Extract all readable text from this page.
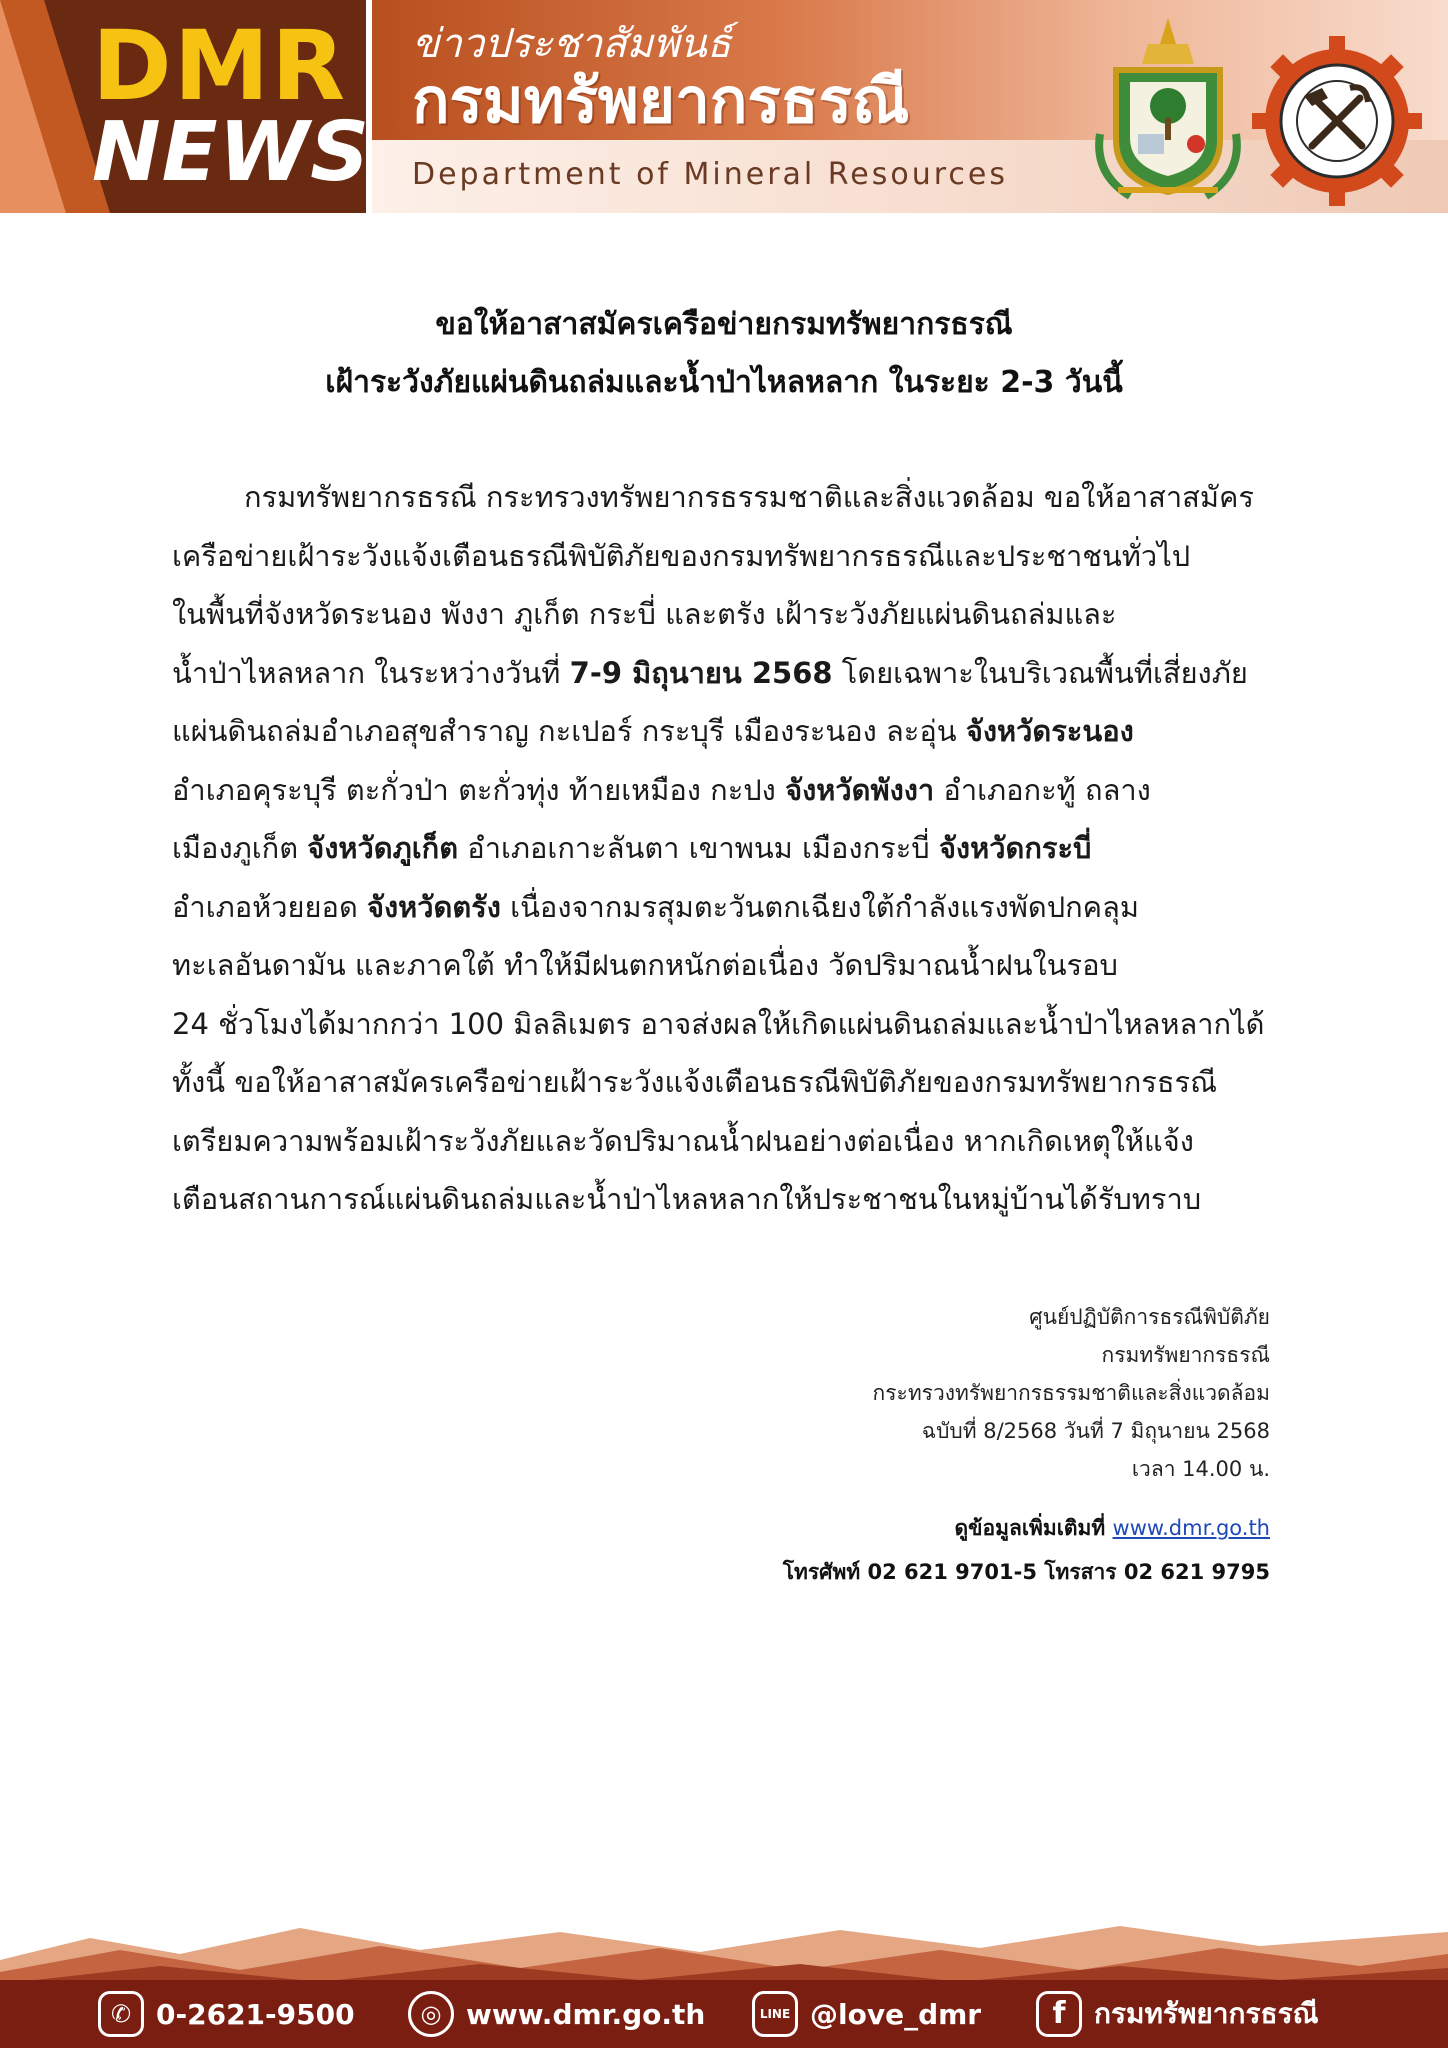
DMR
NEWS
ข่าวประชาสัมพันธ์
กรมทรัพยากรธรณี
Department of Mineral Resources
ขอให้อาสาสมัครเครือข่ายกรมทรัพยากรธรณี
เฝ้าระวังภัยแผ่นดินถล่มและน้ำป่าไหลหลาก ในระยะ 2-3 วันนี้
กรมทรัพยากรธรณี กระทรวงทรัพยากรธรรมชาติและสิ่งแวดล้อม ขอให้อาสาสมัคร
เครือข่ายเฝ้าระวังแจ้งเตือนธรณีพิบัติภัยของกรมทรัพยากรธรณีและประชาชนทั่วไป
ในพื้นที่จังหวัดระนอง พังงา ภูเก็ต กระบี่ และตรัง เฝ้าระวังภัยแผ่นดินถล่มและ
น้ำป่าไหลหลาก ในระหว่างวันที่ 7-9 มิถุนายน 2568 โดยเฉพาะในบริเวณพื้นที่เสี่ยงภัย
แผ่นดินถล่มอำเภอสุขสำราญ กะเปอร์ กระบุรี เมืองระนอง ละอุ่น จังหวัดระนอง
อำเภอคุระบุรี ตะกั่วป่า ตะกั่วทุ่ง ท้ายเหมือง กะปง จังหวัดพังงา อำเภอกะทู้ ถลาง
เมืองภูเก็ต จังหวัดภูเก็ต อำเภอเกาะลันตา เขาพนม เมืองกระบี่ จังหวัดกระบี่
อำเภอห้วยยอด จังหวัดตรัง เนื่องจากมรสุมตะวันตกเฉียงใต้กำลังแรงพัดปกคลุม
ทะเลอันดามัน และภาคใต้ ทำให้มีฝนตกหนักต่อเนื่อง วัดปริมาณน้ำฝนในรอบ
24 ชั่วโมงได้มากกว่า 100 มิลลิเมตร อาจส่งผลให้เกิดแผ่นดินถล่มและน้ำป่าไหลหลากได้
ทั้งนี้ ขอให้อาสาสมัครเครือข่ายเฝ้าระวังแจ้งเตือนธรณีพิบัติภัยของกรมทรัพยากรธรณี
เตรียมความพร้อมเฝ้าระวังภัยและวัดปริมาณน้ำฝนอย่างต่อเนื่อง หากเกิดเหตุให้แจ้ง
เตือนสถานการณ์แผ่นดินถล่มและน้ำป่าไหลหลากให้ประชาชนในหมู่บ้านได้รับทราบ
ศูนย์ปฏิบัติการธรณีพิบัติภัย
กรมทรัพยากรธรณี
กระทรวงทรัพยากรธรรมชาติและสิ่งแวดล้อม
ฉบับที่ 8/2568 วันที่ 7 มิถุนายน 2568
เวลา 14.00 น.
ดูข้อมูลเพิ่มเติมที่ www.dmr.go.th
โทรศัพท์ 02 621 9701-5 โทรสาร 02 621 9795
✆ 0-2621-9500	◎ www.dmr.go.th	LINE @love_dmr	f	กรมทรัพยากรธรณี
